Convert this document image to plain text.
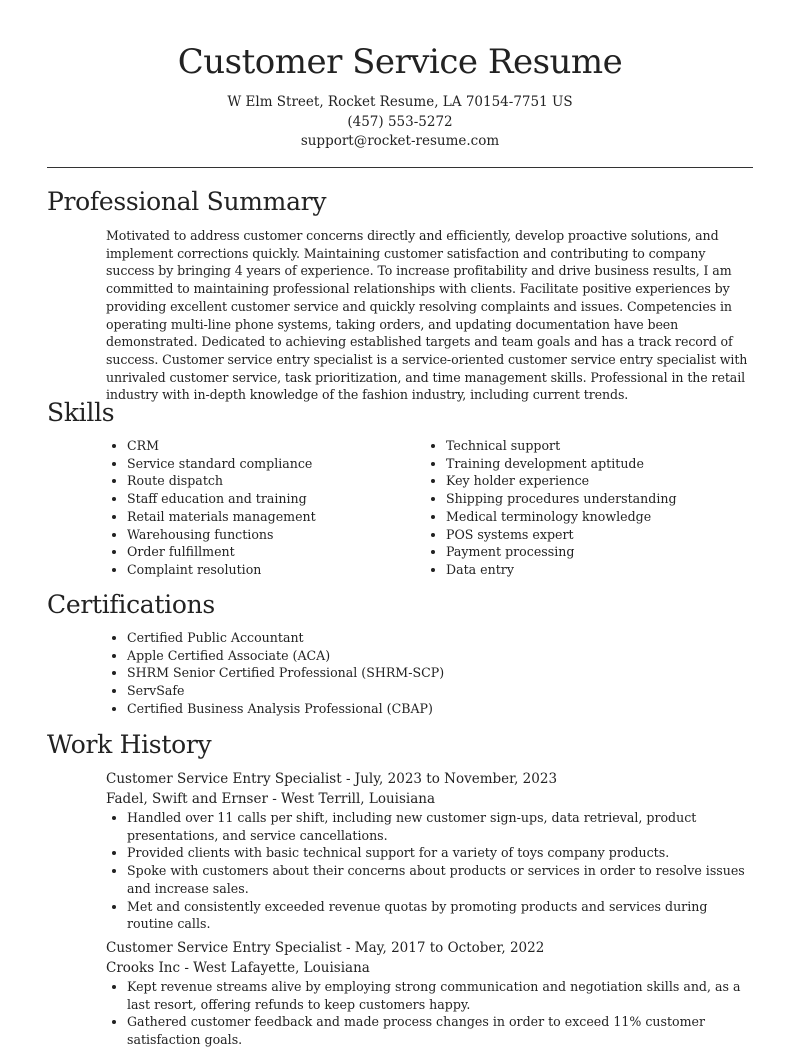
Customer Service Resume
W Elm Street, Rocket Resume, LA 70154-7751 US
(457) 553-5272
support@rocket-resume.com
Professional Summary

Motivated to address customer concerns directly and efficiently, develop proactive solutions, and implement corrections quickly. Maintaining customer satisfaction and contributing to company success by bringing 4 years of experience. To increase profitability and drive business results, I am committed to maintaining professional relationships with clients. Facilitate positive experiences by providing excellent customer service and quickly resolving complaints and issues. Competencies in operating multi-line phone systems, taking orders, and updating documentation have been demonstrated. Dedicated to achieving established targets and team goals and has a track record of success. Customer service entry specialist is a service-oriented customer service entry specialist with unrivaled customer service, task prioritization, and time management skills. Professional in the retail industry with in-depth knowledge of the fashion industry, including current trends.

Skills
CRM
Service standard compliance
Route dispatch
Staff education and training
Retail materials management
Warehousing functions
Order fulfillment
Complaint resolution
Technical support
Training development aptitude
Key holder experience
Shipping procedures understanding
Medical terminology knowledge
POS systems expert
Payment processing
Data entry
Certifications
Certified Public Accountant
Apple Certified Associate (ACA)
SHRM Senior Certified Professional (SHRM-SCP)
ServSafe
Certified Business Analysis Professional (CBAP)
Work History
Customer Service Entry Specialist - July, 2023 to November, 2023
Fadel, Swift and Ernser - West Terrill, Louisiana
Handled over 11 calls per shift, including new customer sign-ups, data retrieval, product presentations, and service cancellations.
Provided clients with basic technical support for a variety of toys company products.
Spoke with customers about their concerns about products or services in order to resolve issues and increase sales.
Met and consistently exceeded revenue quotas by promoting products and services during routine calls.
Customer Service Entry Specialist - May, 2017 to October, 2022
Crooks Inc - West Lafayette, Louisiana
Kept revenue streams alive by employing strong communication and negotiation skills and, as a last resort, offering refunds to keep customers happy.
Gathered customer feedback and made process changes in order to exceed 11% customer satisfaction goals.
